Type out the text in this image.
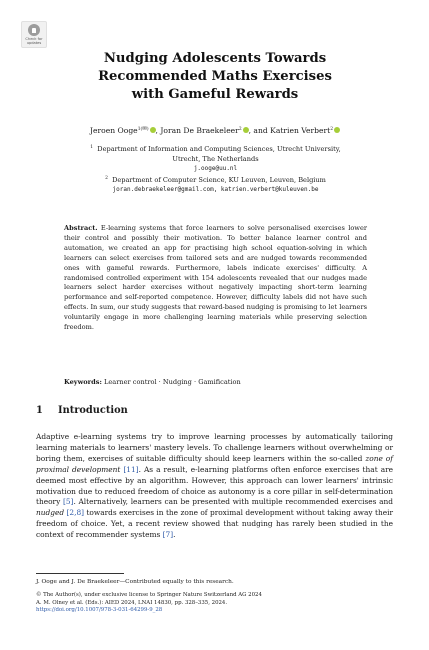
Check for
updates
Nudging Adolescents Towards
Recommended Maths Exercises
with Gameful Rewards
Jeroen Ooge$^{1(✉)}$ , Joran De Braekeleer$^2$ , and Katrien Verbert$^2$
$^1$ Department of Information and Computing Sciences, Utrecht University,
Utrecht, The Netherlands
j.ooge@uu.nl
$^2$ Department of Computer Science, KU Leuven, Leuven, Belgium
joran.debraekeleer@gmail.com, katrien.verbert@kuleuven.be
Abstract. E-learning systems that force learners to solve personalised exercises lower their control and possibly their motivation. To better balance learner control and automation, we created an app for practising high school equation-solving in which learners can select exercises from tailored sets and are nudged towards recommended ones with gameful rewards. Furthermore, labels indicate exercises' difficulty. A randomised controlled experiment with 154 adolescents revealed that our nudges made learners select harder exercises without negatively impacting short-term learning performance and self-reported competence. However, difficulty labels did not have such effects. In sum, our study suggests that reward-based nudging is promising to let learners voluntarily engage in more challenging learning materials while preserving selection freedom.
Keywords: Learner control · Nudging · Gamification
1 Introduction
Adaptive e-learning systems try to improve learning processes by automatically tailoring learning materials to learners' mastery levels. To challenge learners without overwhelming or boring them, exercises of suitable difficulty should keep learners within the so-called zone of proximal development [11]. As a result, e-learning platforms often enforce exercises that are deemed most effective by an algorithm. However, this approach can lower learners' intrinsic motivation due to reduced freedom of choice as autonomy is a core pillar in self-determination theory [5]. Alternatively, learners can be presented with multiple recommended exercises and nudged [2,8] towards exercises in the zone of proximal development without taking away their freedom of choice. Yet, a recent review showed that nudging has rarely been studied in the context of recommender systems [7].
J. Ooge and J. De Braekeleer—Contributed equally to this research.
© The Author(s), under exclusive license to Springer Nature Switzerland AG 2024
A. M. Olney et al. (Eds.): AIED 2024, LNAI 14830, pp. 328–335, 2024.
https://doi.org/10.1007/978-3-031-64299-9_28
